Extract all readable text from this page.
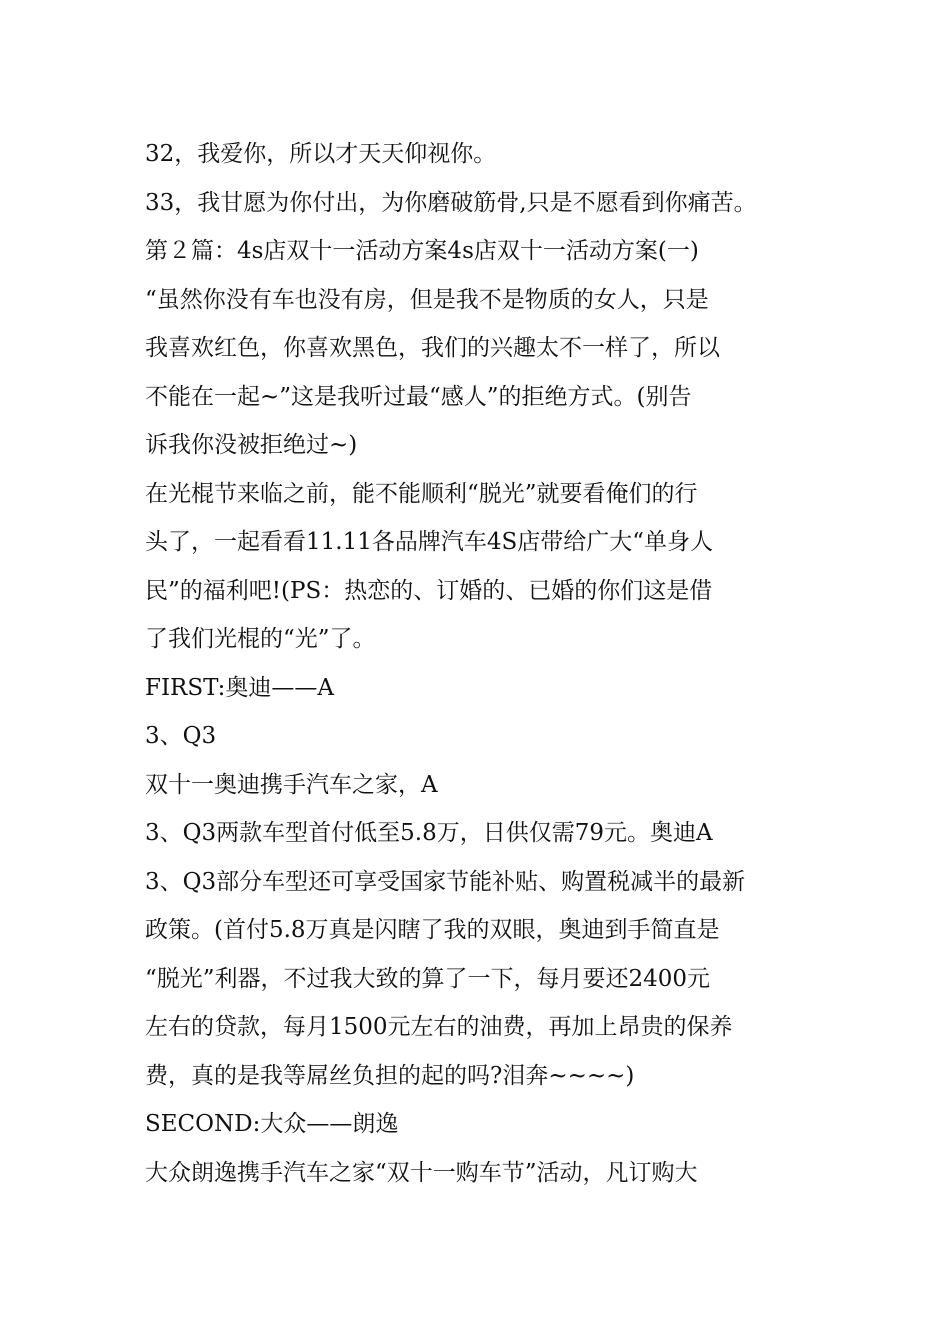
32，我爱你，所以才天天仰视你。
33，我甘愿为你付出，为你磨破筋骨,只是不愿看到你痛苦。
第２篇：4s店双十一活动方案4s店双十一活动方案(一)
“虽然你没有车也没有房，但是我不是物质的女人，只是
我喜欢红色，你喜欢黑色，我们的兴趣太不一样了，所以
不能在一起~”这是我听过最“感人”的拒绝方式。(别告
诉我你没被拒绝过~)
在光棍节来临之前，能不能顺利“脱光”就要看俺们的行
头了，一起看看11.11各品牌汽车4S店带给广大“单身人
民”的福利吧!(PS：热恋的、订婚的、已婚的你们这是借
了我们光棍的“光”了。
FIRST:奥迪——A
3、Q3
双十一奥迪携手汽车之家，A
3、Q3两款车型首付低至5.8万，日供仅需79元。奥迪A
3、Q3部分车型还可享受国家节能补贴、购置税减半的最新
政策。(首付5.8万真是闪瞎了我的双眼，奥迪到手简直是
“脱光”利器，不过我大致的算了一下，每月要还2400元
左右的贷款，每月1500元左右的油费，再加上昂贵的保养
费，真的是我等屌丝负担的起的吗?泪奔~~~~)
SECOND:大众——朗逸
大众朗逸携手汽车之家“双十一购车节”活动，凡订购大
